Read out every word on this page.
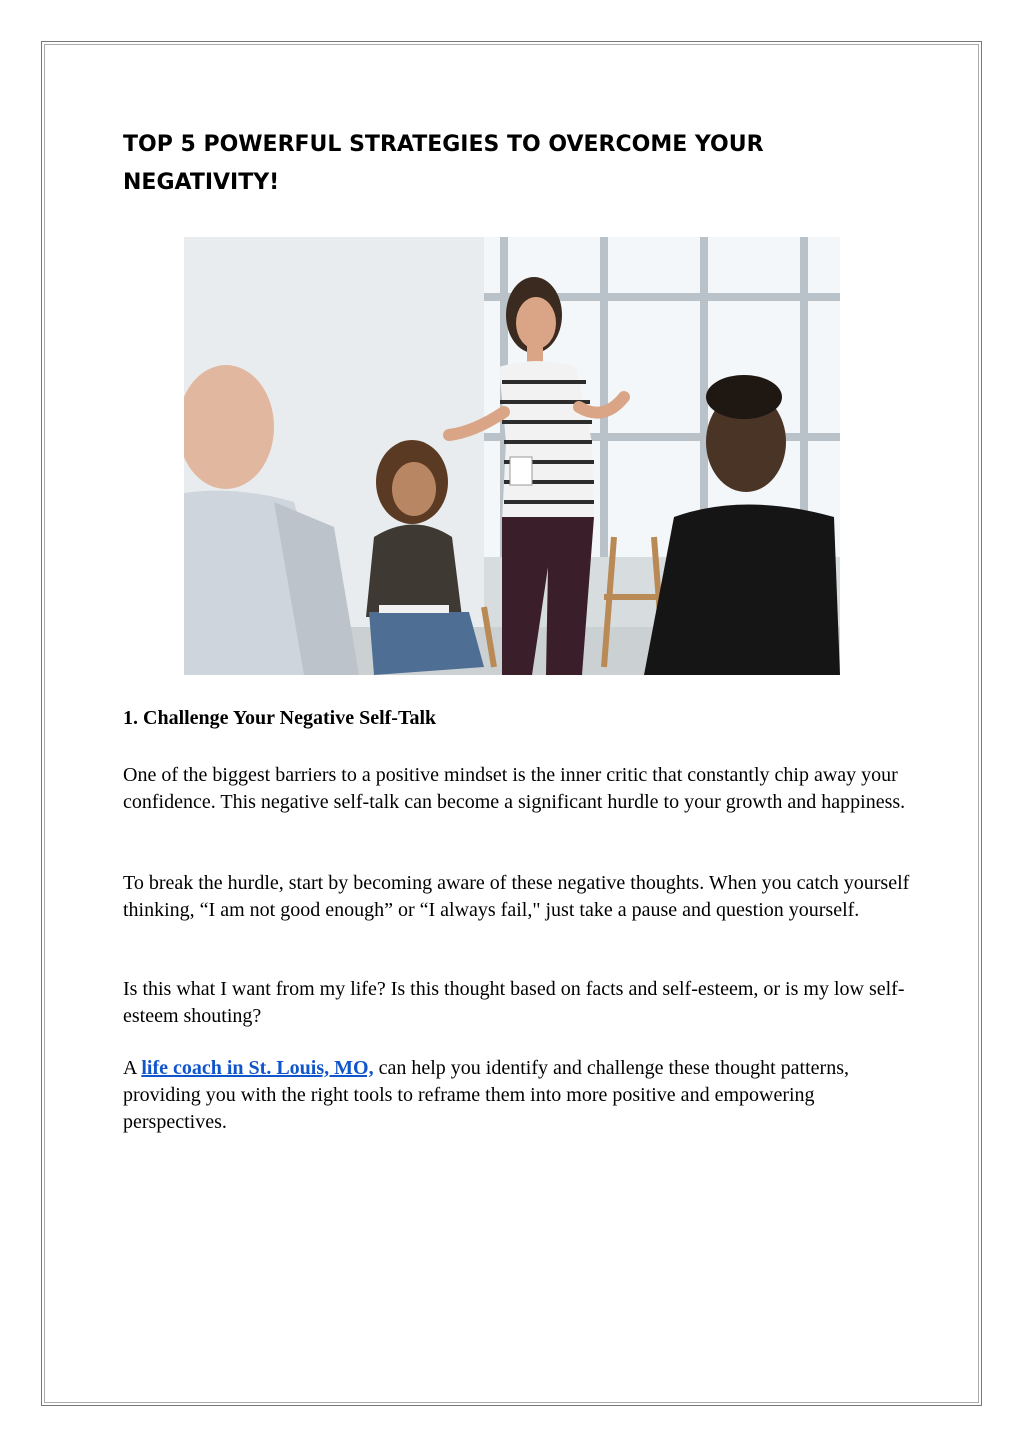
TOP 5 POWERFUL STRATEGIES TO OVERCOME YOUR NEGATIVITY!
1. Challenge Your Negative Self-Talk

One of the biggest barriers to a positive mindset is the inner critic that constantly chip away your confidence. This negative self-talk can become a significant hurdle to your growth and happiness.

To break the hurdle, start by becoming aware of these negative thoughts. When you catch yourself thinking, “I am not good enough” or “I always fail," just take a pause and question yourself.

Is this what I want from my life? Is this thought based on facts and self-esteem, or is my low self-esteem shouting?

A life coach in St. Louis, MO, can help you identify and challenge these thought patterns, providing you with the right tools to reframe them into more positive and empowering perspectives.
